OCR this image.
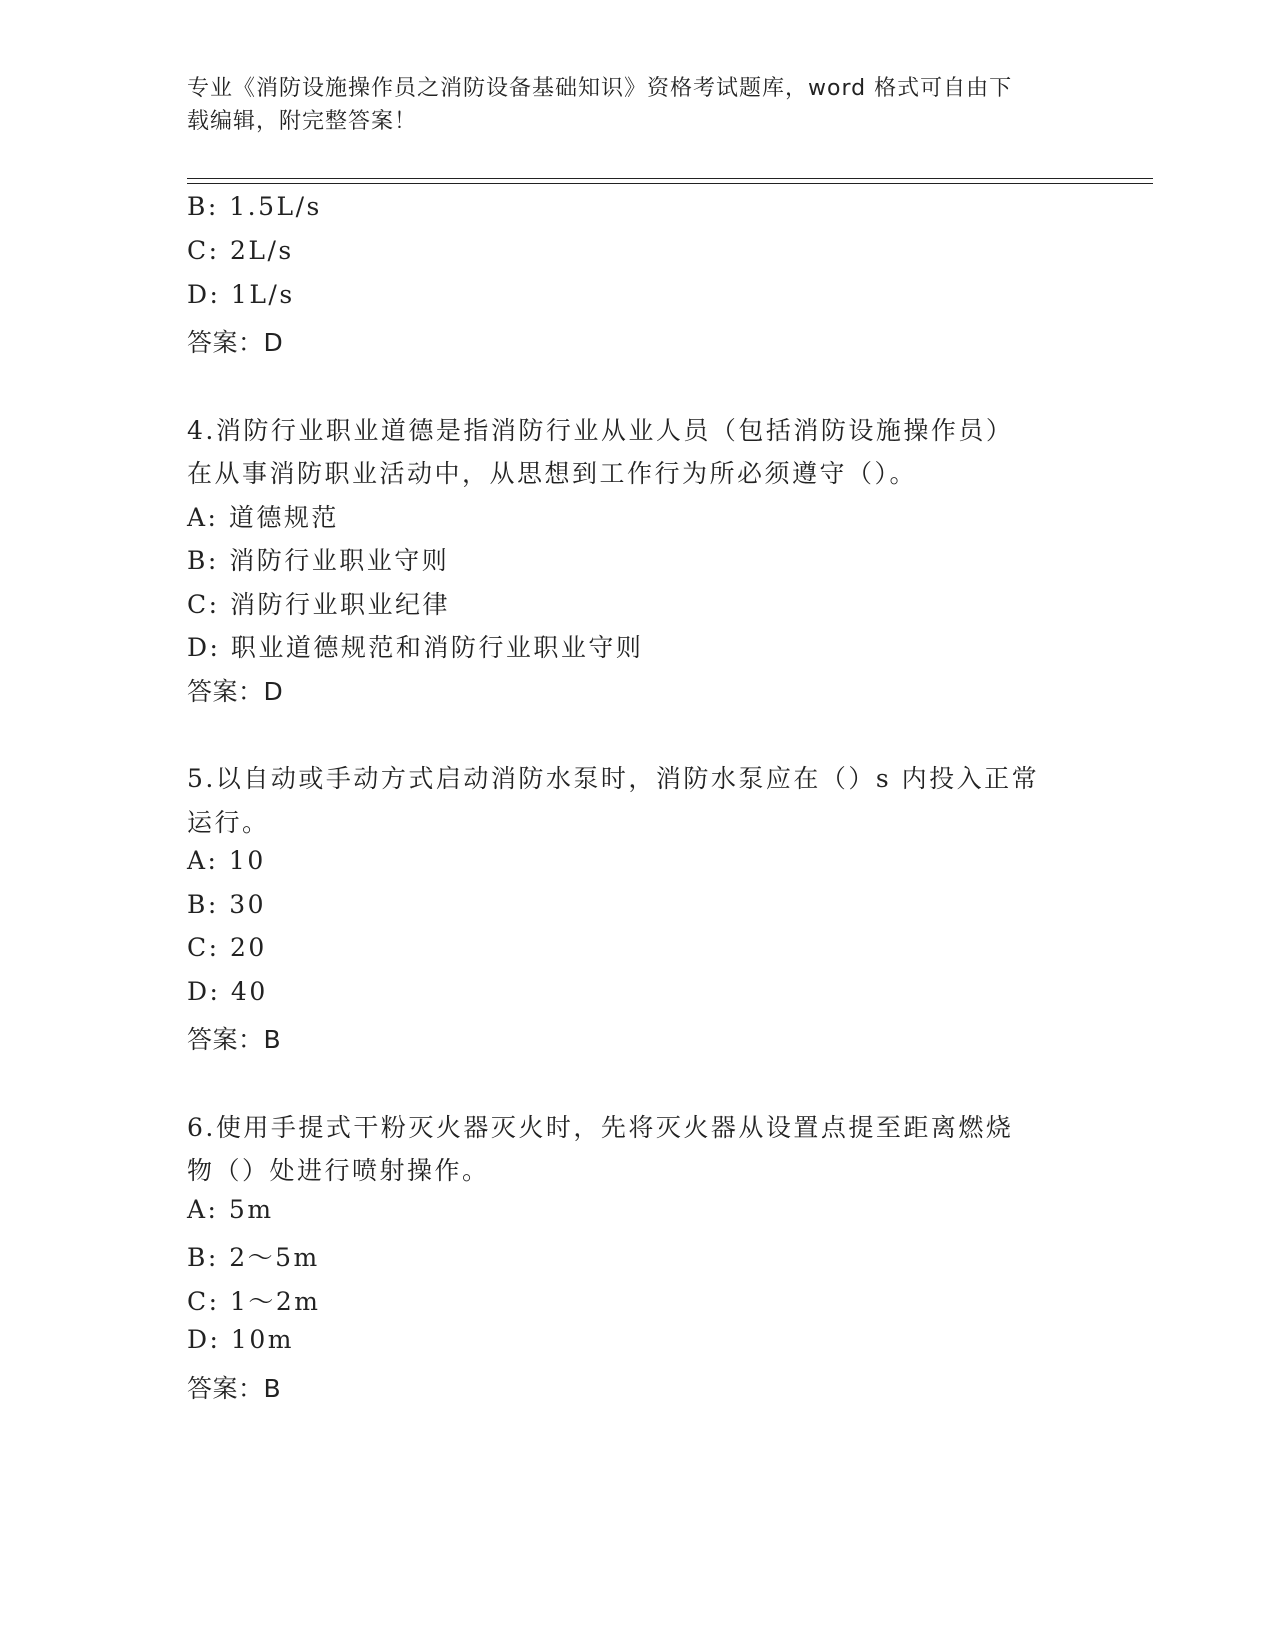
专业《消防设施操作员之消防设备基础知识》资格考试题库，word 格式可自由下
载编辑，附完整答案！
B: 1.5L/s
C: 2L/s
D: 1L/s
答案：D
4.消防行业职业道德是指消防行业从业人员（包括消防设施操作员）
在从事消防职业活动中，从思想到工作行为所必须遵守（）。
A: 道德规范
B: 消防行业职业守则
C: 消防行业职业纪律
D: 职业道德规范和消防行业职业守则
答案：D
5.以自动或手动方式启动消防水泵时，消防水泵应在（）s 内投入正常
运行。
A: 10
B: 30
C: 20
D: 40
答案：B
6.使用手提式干粉灭火器灭火时，先将灭火器从设置点提至距离燃烧
物（）处进行喷射操作。
A: 5m
B: 2～5m
C: 1～2m
D: 10m
答案：B
